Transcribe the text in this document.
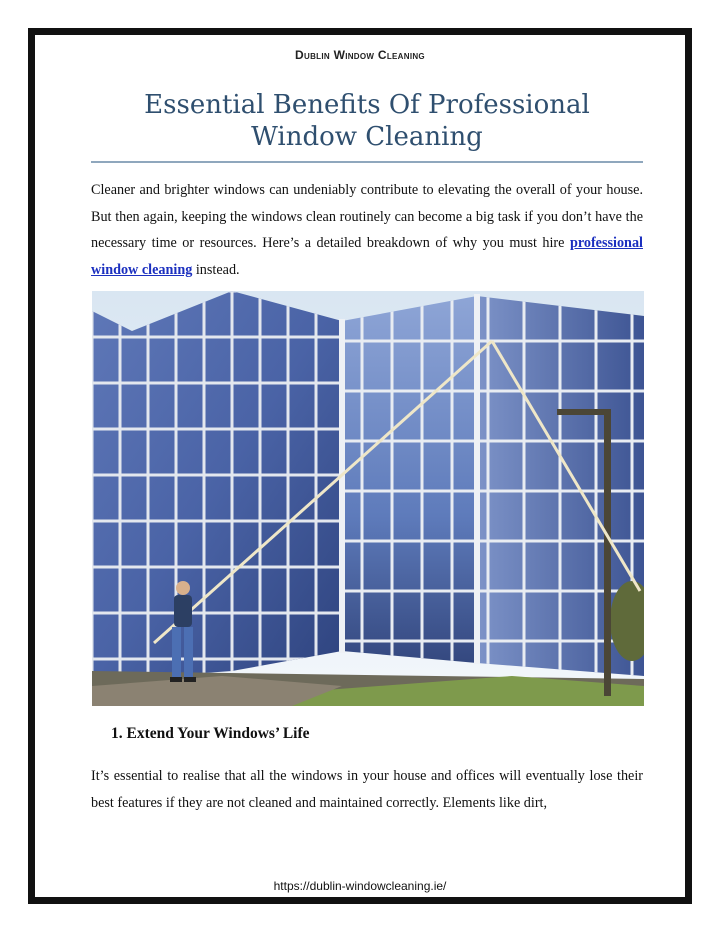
Dublin Window Cleaning
Essential Benefits Of Professional Window Cleaning

Cleaner and brighter windows can undeniably contribute to elevating the overall of your house. But then again, keeping the windows clean routinely can become a big task if you don’t have the necessary time or resources. Here’s a detailed breakdown of why you must hire professional window cleaning instead.

1. Extend Your Windows’ Life

It’s essential to realise that all the windows in your house and offices will eventually lose their best features if they are not cleaned and maintained correctly. Elements like dirt,

https://dublin-windowcleaning.ie/
